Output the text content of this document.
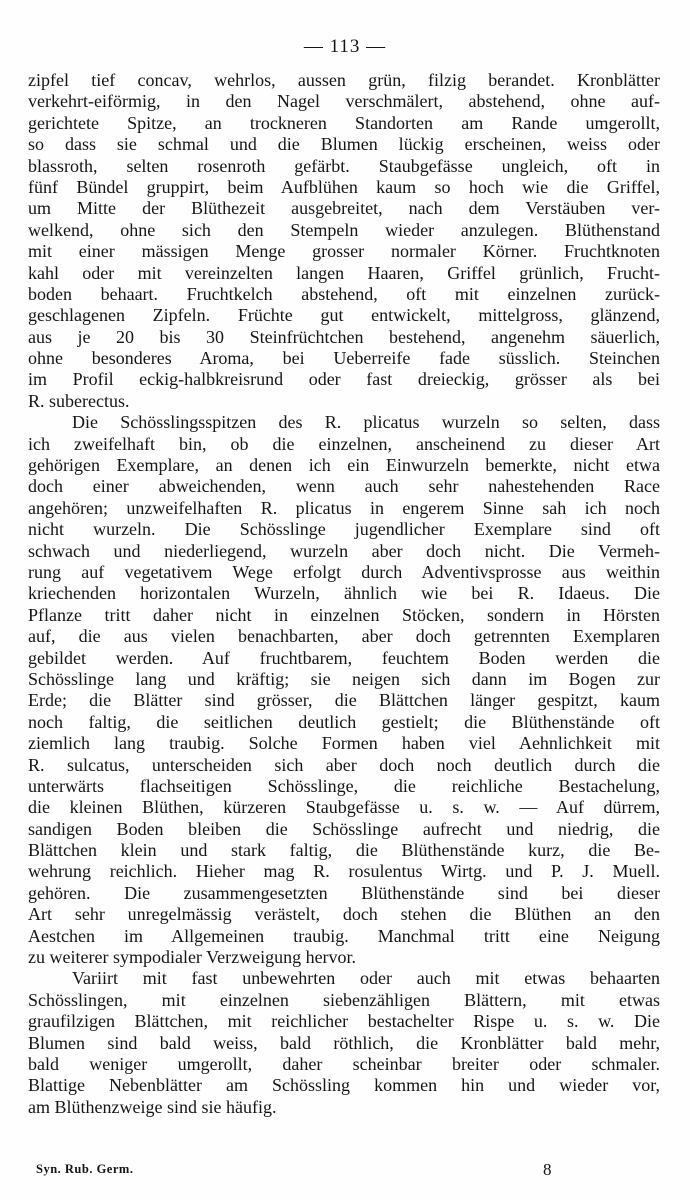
— 113 —
zipfel tief concav, wehrlos, aussen grün, filzig berandet. Kronblätter
verkehrt-eiförmig, in den Nagel verschmälert, abstehend, ohne auf-
gerichtete Spitze, an trockneren Standorten am Rande umgerollt,
so dass sie schmal und die Blumen lückig erscheinen, weiss oder
blassroth, selten rosenroth gefärbt. Staubgefässe ungleich, oft in
fünf Bündel gruppirt, beim Aufblühen kaum so hoch wie die Griffel,
um Mitte der Blüthezeit ausgebreitet, nach dem Verstäuben ver-
welkend, ohne sich den Stempeln wieder anzulegen. Blüthenstand
mit einer mässigen Menge grosser normaler Körner. Fruchtknoten
kahl oder mit vereinzelten langen Haaren, Griffel grünlich, Frucht-
boden behaart. Fruchtkelch abstehend, oft mit einzelnen zurück-
geschlagenen Zipfeln. Früchte gut entwickelt, mittelgross, glänzend,
aus je 20 bis 30 Steinfrüchtchen bestehend, angenehm säuerlich,
ohne besonderes Aroma, bei Ueberreife fade süsslich. Steinchen
im Profil eckig-halbkreisrund oder fast dreieckig, grösser als bei
R. suberectus.
Die Schösslingsspitzen des R. plicatus wurzeln so selten, dass
ich zweifelhaft bin, ob die einzelnen, anscheinend zu dieser Art
gehörigen Exemplare, an denen ich ein Einwurzeln bemerkte, nicht etwa
doch einer abweichenden, wenn auch sehr nahestehenden Race
angehören; unzweifelhaften R. plicatus in engerem Sinne sah ich noch
nicht wurzeln. Die Schösslinge jugendlicher Exemplare sind oft
schwach und niederliegend, wurzeln aber doch nicht. Die Vermeh-
rung auf vegetativem Wege erfolgt durch Adventivsprosse aus weithin
kriechenden horizontalen Wurzeln, ähnlich wie bei R. Idaeus. Die
Pflanze tritt daher nicht in einzelnen Stöcken, sondern in Hörsten
auf, die aus vielen benachbarten, aber doch getrennten Exemplaren
gebildet werden. Auf fruchtbarem, feuchtem Boden werden die
Schösslinge lang und kräftig; sie neigen sich dann im Bogen zur
Erde; die Blätter sind grösser, die Blättchen länger gespitzt, kaum
noch faltig, die seitlichen deutlich gestielt; die Blüthenstände oft
ziemlich lang traubig. Solche Formen haben viel Aehnlichkeit mit
R. sulcatus, unterscheiden sich aber doch noch deutlich durch die
unterwärts flachseitigen Schösslinge, die reichliche Bestachelung,
die kleinen Blüthen, kürzeren Staubgefässe u. s. w. — Auf dürrem,
sandigen Boden bleiben die Schösslinge aufrecht und niedrig, die
Blättchen klein und stark faltig, die Blüthenstände kurz, die Be-
wehrung reichlich. Hieher mag R. rosulentus Wirtg. und P. J. Muell.
gehören. Die zusammengesetzten Blüthenstände sind bei dieser
Art sehr unregelmässig verästelt, doch stehen die Blüthen an den
Aestchen im Allgemeinen traubig. Manchmal tritt eine Neigung
zu weiterer sympodialer Verzweigung hervor.
Variirt mit fast unbewehrten oder auch mit etwas behaarten
Schösslingen, mit einzelnen siebenzähligen Blättern, mit etwas
graufilzigen Blättchen, mit reichlicher bestachelter Rispe u. s. w. Die
Blumen sind bald weiss, bald röthlich, die Kronblätter bald mehr,
bald weniger umgerollt, daher scheinbar breiter oder schmaler.
Blattige Nebenblätter am Schössling kommen hin und wieder vor,
am Blüthenzweige sind sie häufig.
Syn. Rub. Germ.	8
